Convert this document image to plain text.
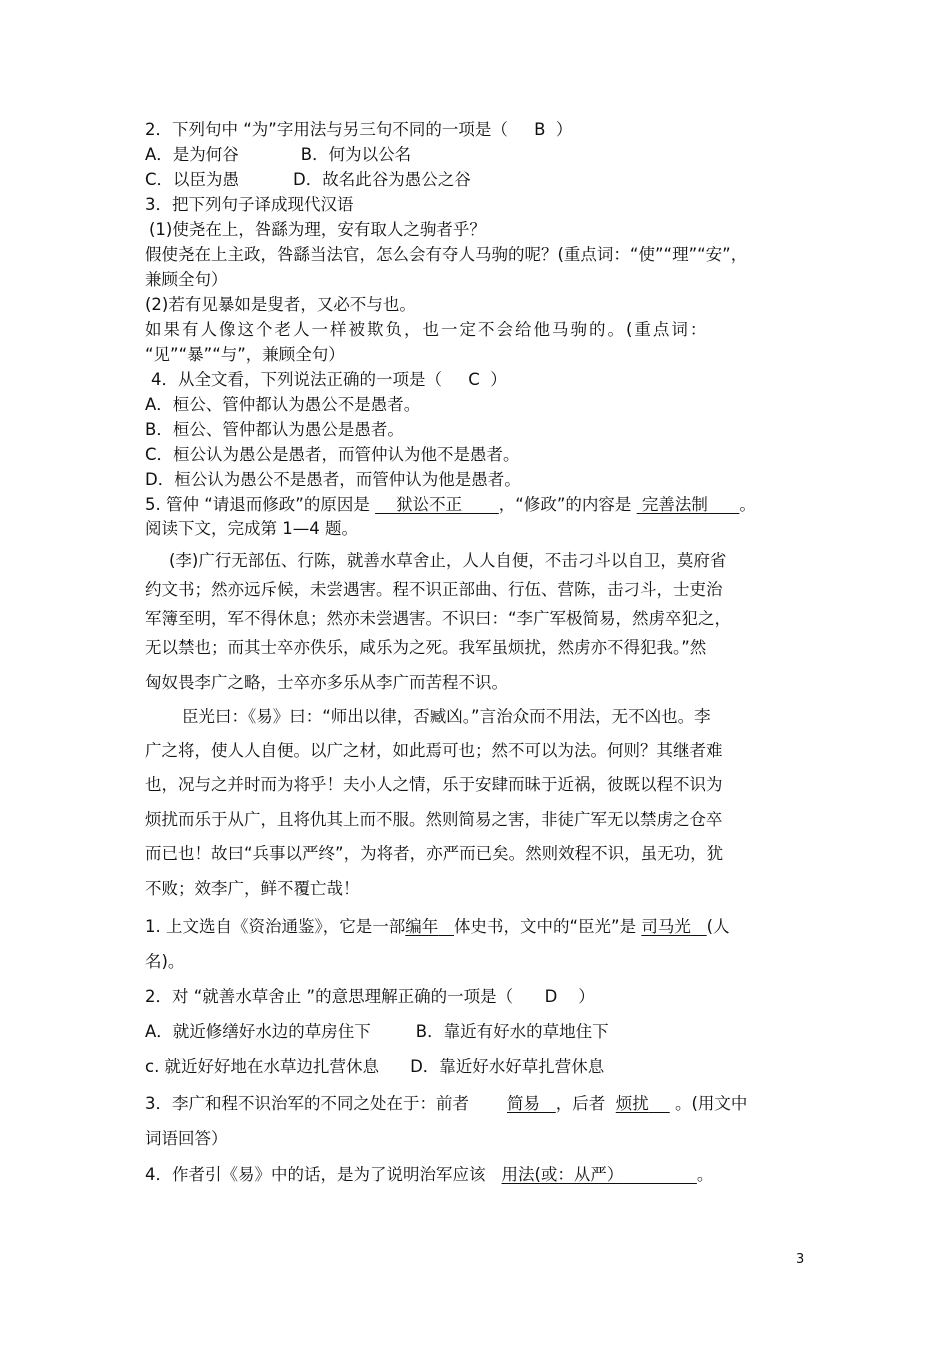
2．下列句中 “为”字用法与另三句不同的一项是（ B ）
A．是为何谷	B．何为以公名
C．以臣为愚	D．故名此谷为愚公之谷
3．把下列句子译成现代汉语
(1)使尧在上，咎繇为理，安有取人之驹者乎？
假使尧在上主政，咎繇当法官，怎么会有夺人马驹的呢？(重点词：“使”“理”“安”，
兼顾全句）
(2)若有见暴如是叟者，又必不与也。
如果有人像这个老人一样被欺负，也一定不会给他马驹的。(重点词：
“见”“暴”“与”，兼顾全句）
4．从全文看，下列说法正确的一项是（ C ）
A．桓公、管仲都认为愚公不是愚者。
B．桓公、管仲都认为愚公是愚者。
C．桓公认为愚公是愚者，而管仲认为他不是愚者。
D．桓公认为愚公不是愚者，而管仲认为他是愚者。
5. 管仲 “请退而修政”的原因是 狱讼不正 ，“修政”的内容是 完善法制 。
阅读下文，完成第 1—4 题。
(李)广行无部伍、行陈，就善水草舍止，人人自便，不击刁斗以自卫，莫府省
约文书；然亦远斥候，未尝遇害。程不识正部曲、行伍、营陈，击刁斗，士吏治
军簿至明，军不得休息；然亦未尝遇害。不识曰：“李广军极简易，然虏卒犯之，
无以禁也；而其士卒亦佚乐，咸乐为之死。我军虽烦扰，然虏亦不得犯我。”然
匈奴畏李广之略，士卒亦多乐从李广而苦程不识。
臣光曰：《易》曰：“师出以律，否臧凶。”言治众而不用法，无不凶也。李
广之将，使人人自便。以广之材，如此焉可也；然不可以为法。何则？其继者难
也，况与之并时而为将乎！夫小人之情，乐于安肆而昧于近祸，彼既以程不识为
烦扰而乐于从广，且将仇其上而不服。然则简易之害，非徒广军无以禁虏之仓卒
而已也！故曰“兵事以严终”，为将者，亦严而已矣。然则效程不识，虽无功，犹
不败；效李广，鲜不覆亡哉！
1. 上文选自《资治通鉴》，它是一部编年 体史书，文中的“臣光”是 司马光 (人
名)。
2．对 “就善水草舍止 ”的意思理解正确的一项是（ D ）
A．就近修缮好水边的草房住下	B．靠近有好水的草地住下
c. 就近好好地在水草边扎营休息 D．靠近好水好草扎营休息
3．李广和程不识治军的不同之处在于：前者 简易 ，后者 烦扰 。(用文中
词语回答）
4．作者引《易》中的话，是为了说明治军应该 用法(或：从严）	。
3
